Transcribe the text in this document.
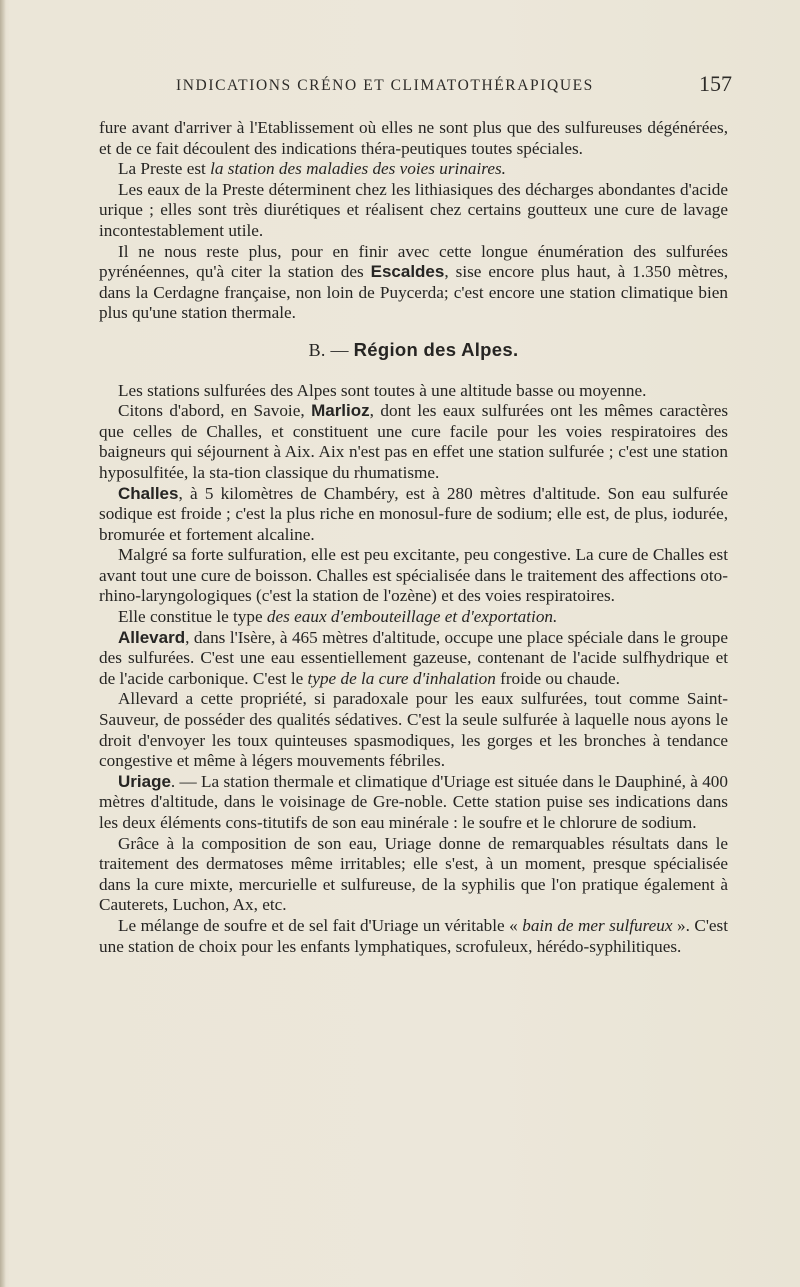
INDICATIONS CRÉNO ET CLIMATOTHÉRAPIQUES	157

fure avant d'arriver à l'Etablissement où elles ne sont plus que des sulfureuses dégénérées, et de ce fait découlent des indications théra-peutiques toutes spéciales.

La Preste est la station des maladies des voies urinaires.

Les eaux de la Preste déterminent chez les lithiasiques des décharges abondantes d'acide urique ; elles sont très diurétiques et réalisent chez certains goutteux une cure de lavage incontestablement utile.

Il ne nous reste plus, pour en finir avec cette longue énumération des sulfurées pyrénéennes, qu'à citer la station des Escaldes, sise encore plus haut, à 1.350 mètres, dans la Cerdagne française, non loin de Puycerda; c'est encore une station climatique bien plus qu'une station thermale.

B. — Région des Alpes.

Les stations sulfurées des Alpes sont toutes à une altitude basse ou moyenne.

Citons d'abord, en Savoie, Marlioz, dont les eaux sulfurées ont les mêmes caractères que celles de Challes, et constituent une cure facile pour les voies respiratoires des baigneurs qui séjournent à Aix. Aix n'est pas en effet une station sulfurée ; c'est une station hyposulfitée, la sta-tion classique du rhumatisme.

Challes, à 5 kilomètres de Chambéry, est à 280 mètres d'altitude. Son eau sulfurée sodique est froide ; c'est la plus riche en monosul-fure de sodium; elle est, de plus, iodurée, bromurée et fortement alcaline.

Malgré sa forte sulfuration, elle est peu excitante, peu congestive. La cure de Challes est avant tout une cure de boisson. Challes est spécialisée dans le traitement des affections oto-rhino-laryngologiques (c'est la station de l'ozène) et des voies respiratoires.

Elle constitue le type des eaux d'embouteillage et d'exportation.

Allevard, dans l'Isère, à 465 mètres d'altitude, occupe une place spéciale dans le groupe des sulfurées. C'est une eau essentiellement gazeuse, contenant de l'acide sulfhydrique et de l'acide carbonique. C'est le type de la cure d'inhalation froide ou chaude.

Allevard a cette propriété, si paradoxale pour les eaux sulfurées, tout comme Saint-Sauveur, de posséder des qualités sédatives. C'est la seule sulfurée à laquelle nous ayons le droit d'envoyer les toux quinteuses spasmodiques, les gorges et les bronches à tendance congestive et même à légers mouvements fébriles.

Uriage. — La station thermale et climatique d'Uriage est située dans le Dauphiné, à 400 mètres d'altitude, dans le voisinage de Gre-noble. Cette station puise ses indications dans les deux éléments cons-titutifs de son eau minérale : le soufre et le chlorure de sodium.

Grâce à la composition de son eau, Uriage donne de remarquables résultats dans le traitement des dermatoses même irritables; elle s'est, à un moment, presque spécialisée dans la cure mixte, mercurielle et sulfureuse, de la syphilis que l'on pratique également à Cauterets, Luchon, Ax, etc.

Le mélange de soufre et de sel fait d'Uriage un véritable « bain de mer sulfureux ». C'est une station de choix pour les enfants lymphatiques, scrofuleux, hérédo-syphilitiques.
